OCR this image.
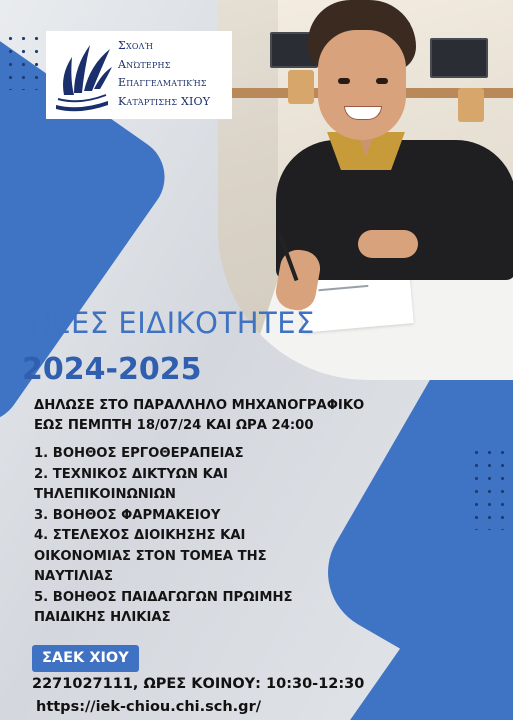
Σχολή
Ανώτερης
Επαγγελματικής
Κατάρτισης ΧΙΟΥ
ΝΕΕΣ ΕΙΔΙΚΟΤΗΤΕΣ
2024-2025
ΔΗΛΩΣΕ ΣΤΟ ΠΑΡΑΛΛΗΛΟ ΜΗΧΑΝΟΓΡΑΦΙΚΟ
ΕΩΣ ΠΕΜΠΤΗ 18/07/24 ΚΑΙ ΩΡΑ 24:00
1. ΒΟΗΘΟΣ ΕΡΓΟΘΕΡΑΠΕΙΑΣ
2. ΤΕΧΝΙΚΟΣ ΔΙΚΤΥΩΝ ΚΑΙ
ΤΗΛΕΠΙΚΟΙΝΩΝΙΩΝ
3. ΒΟΗΘΟΣ ΦΑΡΜΑΚΕΙΟΥ
4. ΣΤΕΛΕΧΟΣ ΔΙΟΙΚΗΣΗΣ ΚΑΙ
ΟΙΚΟΝΟΜΙΑΣ ΣΤΟΝ ΤΟΜΕΑ ΤΗΣ
ΝΑΥΤΙΛΙΑΣ
5. ΒΟΗΘΟΣ ΠΑΙΔΑΓΩΓΩΝ ΠΡΩΙΜΗΣ
ΠΑΙΔΙΚΗΣ ΗΛΙΚΙΑΣ
ΣΑΕΚ ΧΙΟΥ
2271027111, ΩΡΕΣ ΚΟΙΝΟΥ: 10:30-12:30
https://iek-chiou.chi.sch.gr/
